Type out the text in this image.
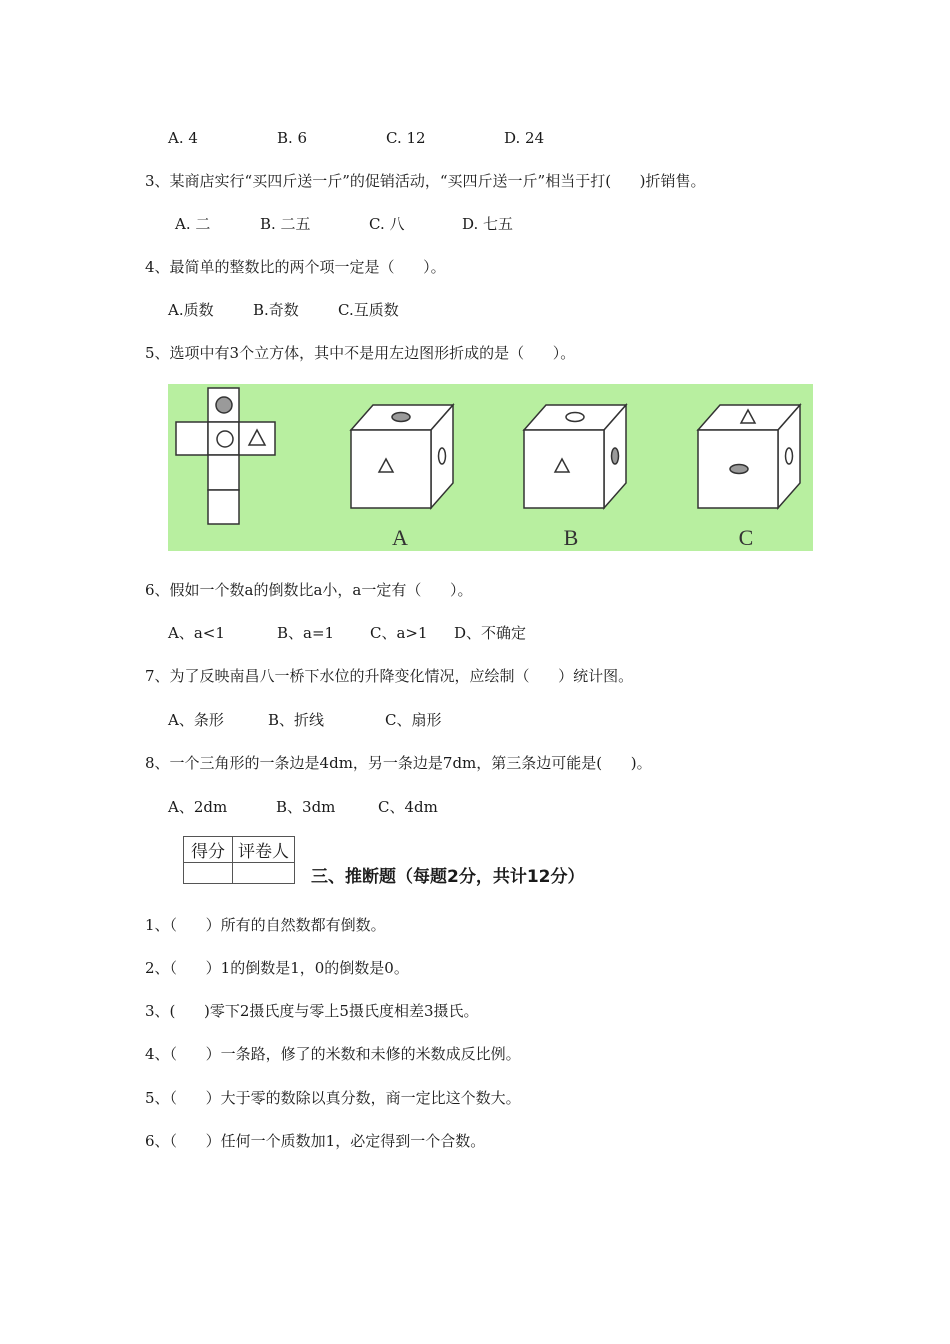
A. 4	B. 6	C. 12	D. 24
3、某商店实行“买四斤送一斤”的促销活动，“买四斤送一斤”相当于打(      )折销售。
A. 二	B. 二五	C. 八	D. 七五
4、最简单的整数比的两个项一定是（      ）。
A.质数	B.奇数	C.互质数
5、选项中有3个立方体，其中不是用左边图形折成的是（      ）。
A	B	C
6、假如一个数a的倒数比a小，a一定有（      ）。
A、a<1	B、a=1	C、a>1	D、不确定
7、为了反映南昌八一桥下水位的升降变化情况，应绘制（      ）统计图。
A、条形	B、折线	C、扇形
8、一个三角形的一条边是4dm，另一条边是7dm，第三条边可能是(      )。
A、2dm	B、3dm	C、4dm
得分	评卷人

三、推断题（每题2分，共计12分）
1、（      ）所有的自然数都有倒数。
2、（      ）1的倒数是1，0的倒数是0。
3、(      )零下2摄氏度与零上5摄氏度相差3摄氏。
4、（      ）一条路，修了的米数和未修的米数成反比例。
5、（      ）大于零的数除以真分数，商一定比这个数大。
6、（      ）任何一个质数加1，必定得到一个合数。
